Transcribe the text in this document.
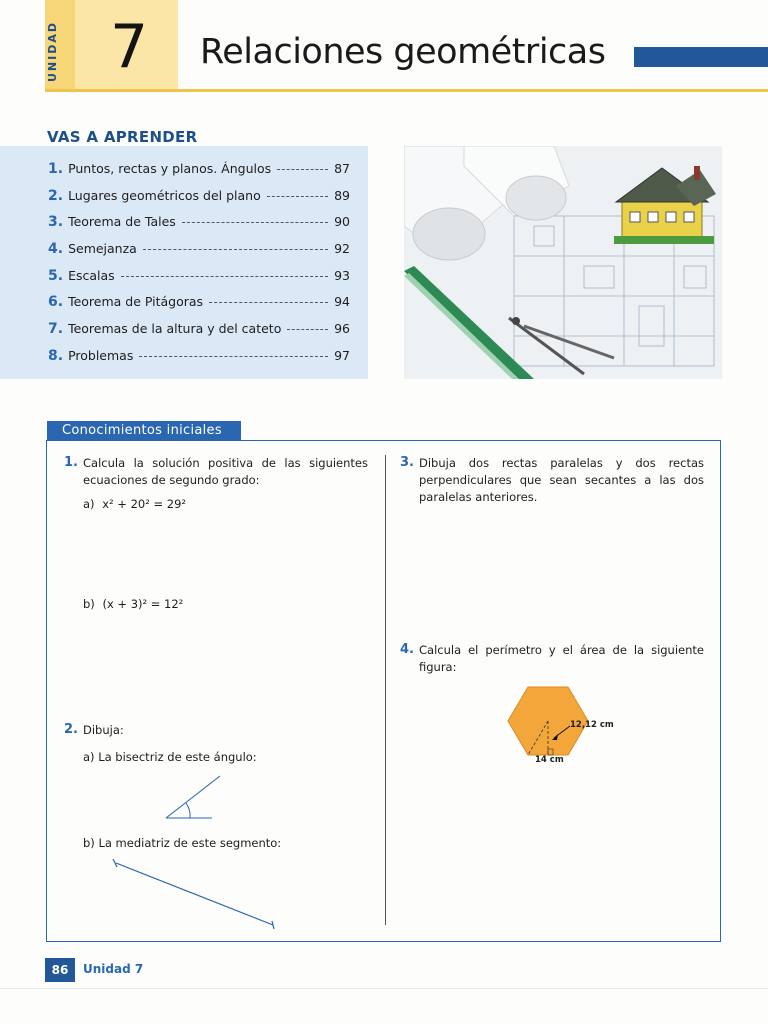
UNIDAD 7 Relaciones geométricas
VAS A APRENDER
1. Puntos, rectas y planos. Ángulos	87
2. Lugares geométricos del plano	89
3. Teorema de Tales	90
4. Semejanza	92
5. Escalas	93
6. Teorema de Pitágoras	94
7. Teoremas de la altura y del cateto	96
8. Problemas	97
Conocimientos iniciales
1. Calcula la solución positiva de las siguientes ecuaciones de segundo grado:
a) x² + 20² = 29²
b) (x + 3)² = 12²
2. Dibuja:
a) La bisectriz de este ángulo:
b) La mediatriz de este segmento:
3. Dibuja dos rectas paralelas y dos rectas perpendiculares que sean secantes a las dos paralelas anteriores.
4. Calcula el perímetro y el área de la siguiente figura:
12,12 cm
14 cm
86	Unidad 7
